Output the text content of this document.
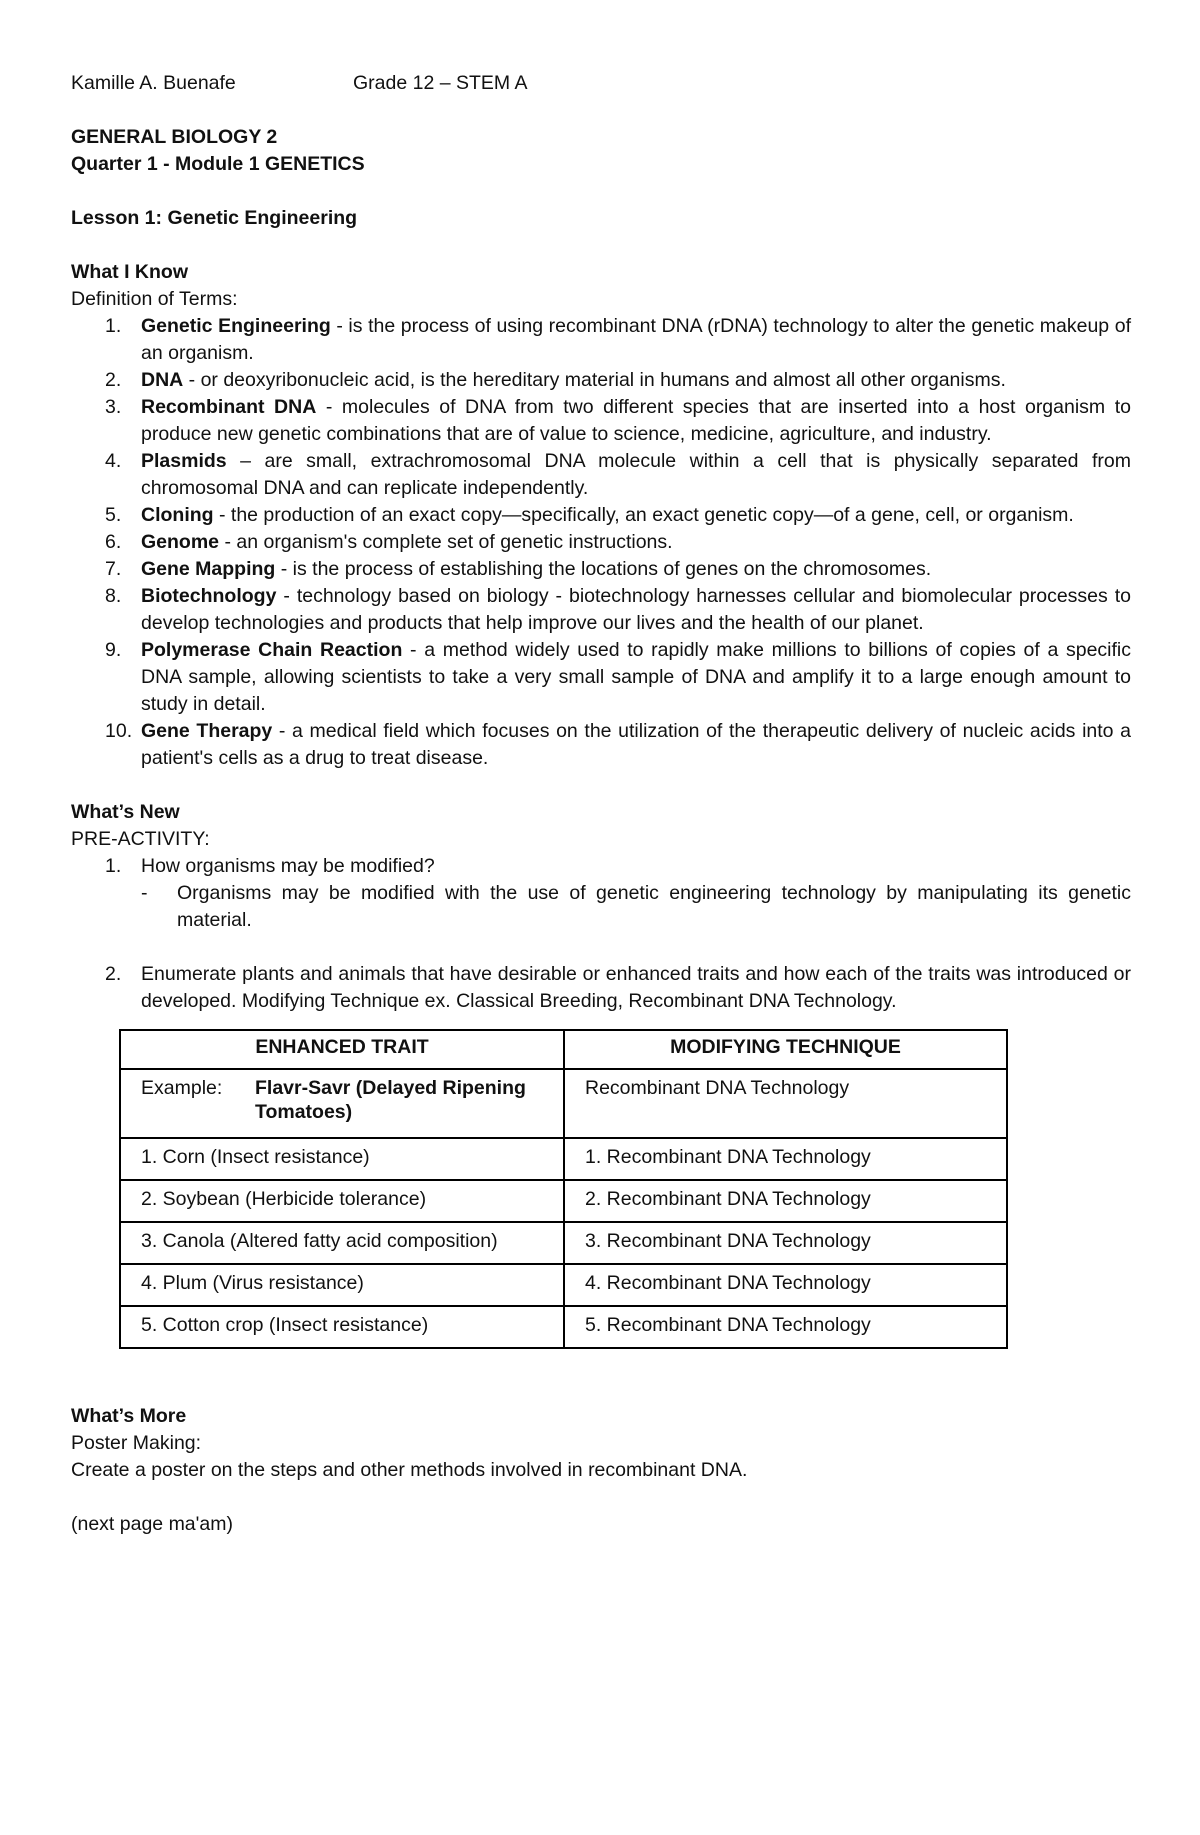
Kamille A. Buenafe	Grade 12 – STEM A
GENERAL BIOLOGY 2
Quarter 1 - Module 1 GENETICS
Lesson 1: Genetic Engineering
What I Know
Definition of Terms:
1.	Genetic Engineering - is the process of using recombinant DNA (rDNA) technology to alter the genetic makeup of an organism.
2.	DNA - or deoxyribonucleic acid, is the hereditary material in humans and almost all other organisms.
3.	Recombinant DNA - molecules of DNA from two different species that are inserted into a host organism to produce new genetic combinations that are of value to science, medicine, agriculture, and industry.
4.	Plasmids – are small, extrachromosomal DNA molecule within a cell that is physically separated from chromosomal DNA and can replicate independently.
5.	Cloning - the production of an exact copy—specifically, an exact genetic copy—of a gene, cell, or organism.
6.	Genome - an organism's complete set of genetic instructions.
7.	Gene Mapping - is the process of establishing the locations of genes on the chromosomes.
8.	Biotechnology - technology based on biology - biotechnology harnesses cellular and biomolecular processes to develop technologies and products that help improve our lives and the health of our planet.
9.	Polymerase Chain Reaction - a method widely used to rapidly make millions to billions of copies of a specific DNA sample, allowing scientists to take a very small sample of DNA and amplify it to a large enough amount to study in detail.
10. Gene Therapy - a medical field which focuses on the utilization of the therapeutic delivery of nucleic acids into a patient's cells as a drug to treat disease.
What’s New
PRE-ACTIVITY:
1.	How organisms may be modified?
- Organisms may be modified with the use of genetic engineering technology by manipulating its genetic material.
2.	Enumerate plants and animals that have desirable or enhanced traits and how each of the traits was introduced or developed. Modifying Technique ex. Classical Breeding, Recombinant DNA Technology.
ENHANCED TRAIT	MODIFYING TECHNIQUE

Example: Flavr-Savr (Delayed Ripening Tomatoes)	Recombinant DNA Technology
1. Corn (Insect resistance)	1. Recombinant DNA Technology
2. Soybean (Herbicide tolerance)	2. Recombinant DNA Technology
3. Canola (Altered fatty acid composition)	3. Recombinant DNA Technology
4. Plum (Virus resistance)	4. Recombinant DNA Technology
5. Cotton crop (Insect resistance)	5. Recombinant DNA Technology
What’s More
Poster Making:
Create a poster on the steps and other methods involved in recombinant DNA.
(next page ma'am)
